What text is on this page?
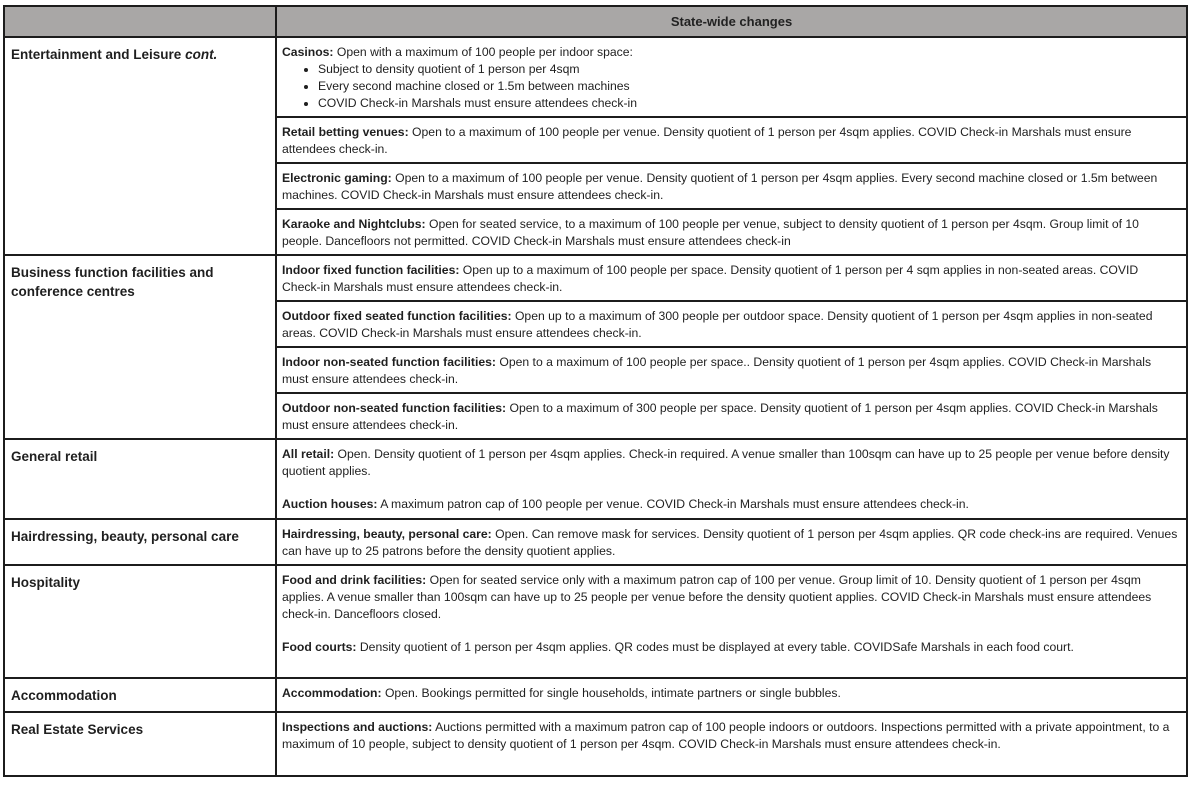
	State-wide changes
Entertainment and Leisure cont.	Casinos: Open with a maximum of 100 people per indoor space:
• Subject to density quotient of 1 person per 4sqm
• Every second machine closed or 1.5m between machines
• COVID Check-in Marshals must ensure attendees check-in

	Retail betting venues: Open to a maximum of 100 people per venue. Density quotient of 1 person per 4sqm applies. COVID Check-in Marshals must ensure attendees check-in.
	Electronic gaming: Open to a maximum of 100 people per venue. Density quotient of 1 person per 4sqm applies. Every second machine closed or 1.5m between machines. COVID Check-in Marshals must ensure attendees check-in.
	Karaoke and Nightclubs: Open for seated service, to a maximum of 100 people per venue, subject to density quotient of 1 person per 4sqm. Group limit of 10 people. Dancefloors not permitted. COVID Check-in Marshals must ensure attendees check-in
Business function facilities and conference centres	Indoor fixed function facilities: Open up to a maximum of 100 people per space. Density quotient of 1 person per 4 sqm applies in non-seated areas. COVID Check-in Marshals must ensure attendees check-in.
	Outdoor fixed seated function facilities: Open up to a maximum of 300 people per outdoor space. Density quotient of 1 person per 4sqm applies in non-seated areas. COVID Check-in Marshals must ensure attendees check-in.
	Indoor non-seated function facilities: Open to a maximum of 100 people per space.. Density quotient of 1 person per 4sqm applies. COVID Check-in Marshals must ensure attendees check-in.
	Outdoor non-seated function facilities: Open to a maximum of 300 people per space. Density quotient of 1 person per 4sqm applies. COVID Check-in Marshals must ensure attendees check-in.
General retail	All retail: Open. Density quotient of 1 person per 4sqm applies. Check-in required. A venue smaller than 100sqm can have up to 25 people per venue before density quotient applies.

Auction houses: A maximum patron cap of 100 people per venue. COVID Check-in Marshals must ensure attendees check-in.

Hairdressing, beauty, personal care	Hairdressing, beauty, personal care: Open. Can remove mask for services. Density quotient of 1 person per 4sqm applies. QR code check-ins are required. Venues can have up to 25 patrons before the density quotient applies.
Hospitality	Food and drink facilities: Open for seated service only with a maximum patron cap of 100 per venue. Group limit of 10. Density quotient of 1 person per 4sqm applies. A venue smaller than 100sqm can have up to 25 people per venue before the density quotient applies. COVID Check-in Marshals must ensure attendees check-in. Dancefloors closed.

Food courts: Density quotient of 1 person per 4sqm applies. QR codes must be displayed at every table. COVIDSafe Marshals in each food court.

Accommodation	Accommodation: Open. Bookings permitted for single households, intimate partners or single bubbles.
Real Estate Services	Inspections and auctions: Auctions permitted with a maximum patron cap of 100 people indoors or outdoors. Inspections permitted with a private appointment, to a maximum of 10 people, subject to density quotient of 1 person per 4sqm. COVID Check-in Marshals must ensure attendees check-in.
